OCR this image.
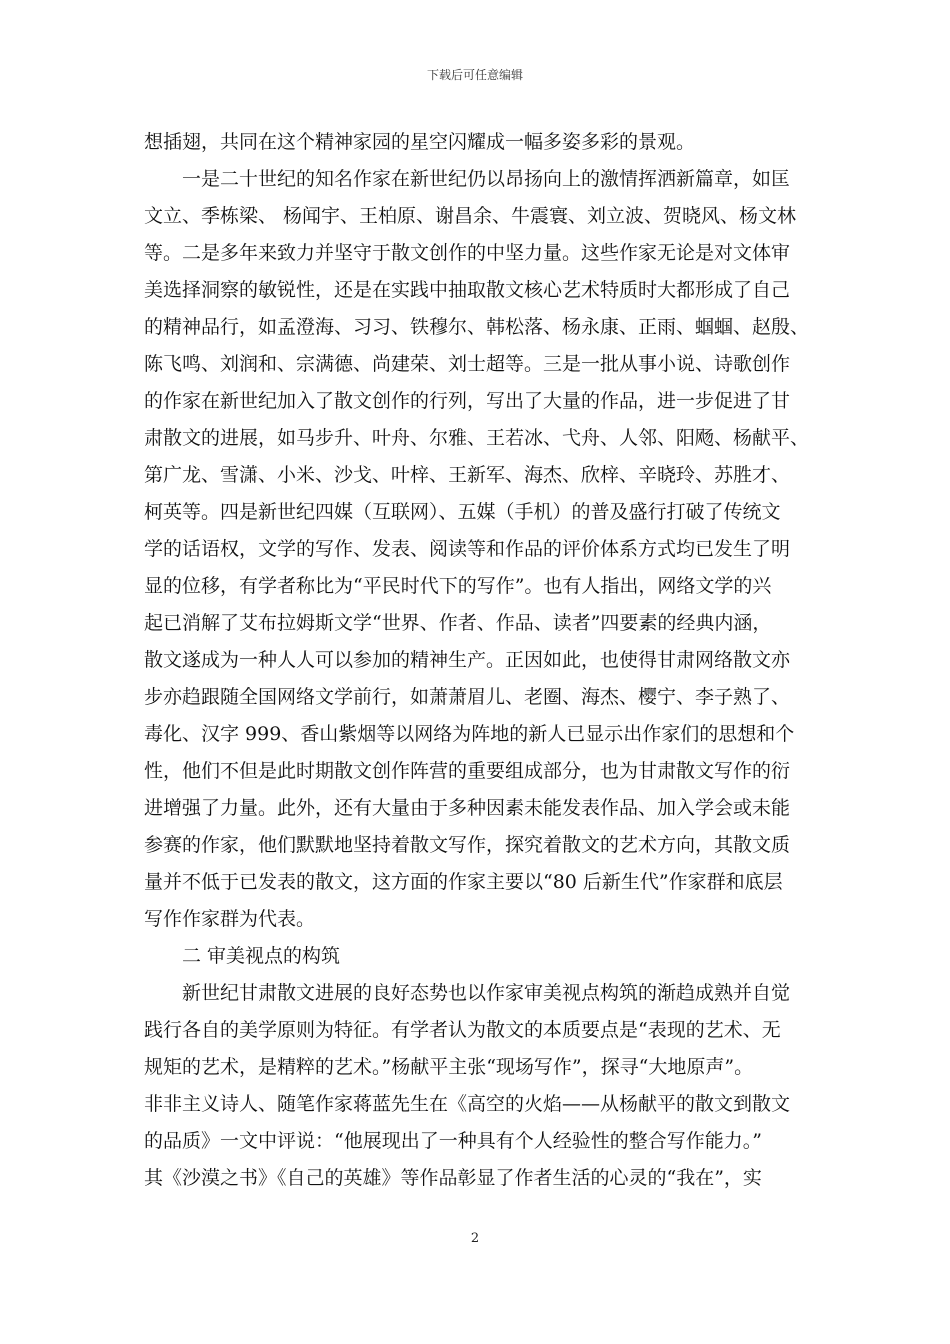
下载后可任意编辑
想插翅，共同在这个精神家园的星空闪耀成一幅多姿多彩的景观。
一是二十世纪的知名作家在新世纪仍以昂扬向上的激情挥洒新篇章，如匡
文立、季栋梁、 杨闻宇、王柏原、谢昌余、牛震寰、刘立波、贺晓风、杨文林
等。二是多年来致力并坚守于散文创作的中坚力量。这些作家无论是对文体审
美选择洞察的敏锐性，还是在实践中抽取散文核心艺术特质时大都形成了自己
的精神品行，如孟澄海、习习、铁穆尔、韩松落、杨永康、正雨、蝈蝈、赵殷、
陈飞鸣、刘润和、宗满德、尚建荣、刘士超等。三是一批从事小说、诗歌创作
的作家在新世纪加入了散文创作的行列，写出了大量的作品，进一步促进了甘
肃散文的进展，如马步升、叶舟、尔雅、王若冰、弋舟、人邻、阳飏、杨献平、
第广龙、雪潇、小米、沙戈、叶梓、王新军、海杰、欣梓、辛晓玲、苏胜才、
柯英等。四是新世纪四媒（互联网）、五媒（手机）的普及盛行打破了传统文
学的话语权，文学的写作、发表、阅读等和作品的评价体系方式均已发生了明
显的位移，有学者称比为“平民时代下的写作”。也有人指出，网络文学的兴
起已消解了艾布拉姆斯文学“世界、作者、作品、读者”四要素的经典内涵，
散文遂成为一种人人可以参加的精神生产。正因如此，也使得甘肃网络散文亦
步亦趋跟随全国网络文学前行，如萧萧眉儿、老圈、海杰、樱宁、李子熟了、
毒化、汉字 999、香山紫烟等以网络为阵地的新人已显示出作家们的思想和个
性，他们不但是此时期散文创作阵营的重要组成部分，也为甘肃散文写作的衍
进增强了力量。此外，还有大量由于多种因素未能发表作品、加入学会或未能
参赛的作家，他们默默地坚持着散文写作，探究着散文的艺术方向，其散文质
量并不低于已发表的散文，这方面的作家主要以“80 后新生代”作家群和底层
写作作家群为代表。
二 审美视点的构筑
新世纪甘肃散文进展的良好态势也以作家审美视点构筑的渐趋成熟并自觉
践行各自的美学原则为特征。有学者认为散文的本质要点是“表现的艺术、无
规矩的艺术，是精粹的艺术。”杨献平主张“现场写作”，探寻“大地原声”。
非非主义诗人、随笔作家蒋蓝先生在《高空的火焰——从杨献平的散文到散文
的品质》一文中评说：“他展现出了一种具有个人经验性的整合写作能力。”
其《沙漠之书》《自己的英雄》等作品彰显了作者生活的心灵的“我在”，实
2
